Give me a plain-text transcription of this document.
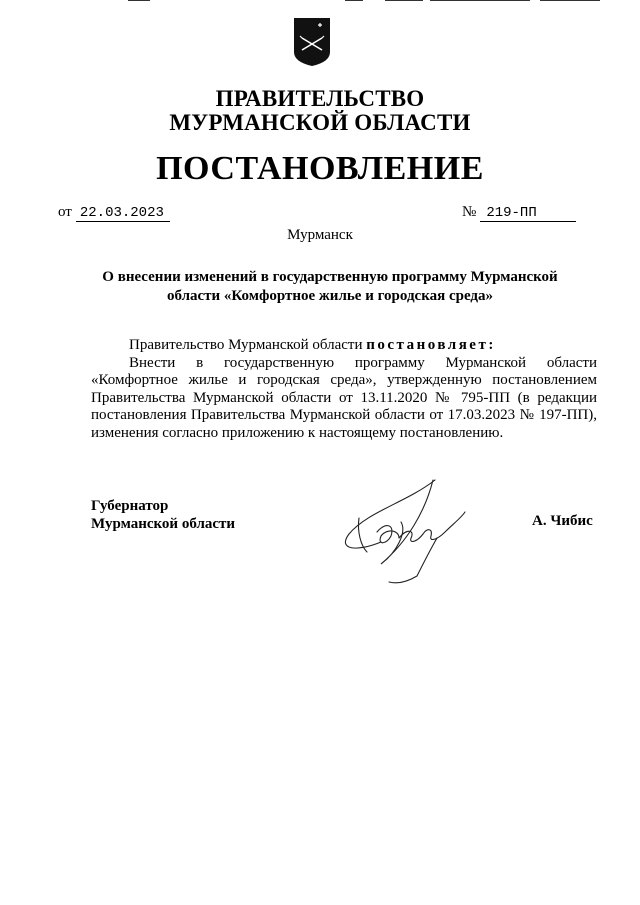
ПРАВИТЕЛЬСТВО
МУРМАНСКОЙ ОБЛАСТИ
ПОСТАНОВЛЕНИЕ
от 22.03.2023	№ 219-ПП
Мурманск
О внесении изменений в государственную программу Мурманской области «Комфортное жилье и городская среда»
Правительство Мурманской области постановляет:
Внести в государственную программу Мурманской области «Комфортное жилье и городская среда», утвержденную постановлением Правительства Мурманской области от 13.11.2020 № 795-ПП (в редакции постановления Правительства Мурманской области от 17.03.2023 № 197-ПП), изменения согласно приложению к настоящему постановлению.
Губернатор
Мурманской области	А. Чибис
